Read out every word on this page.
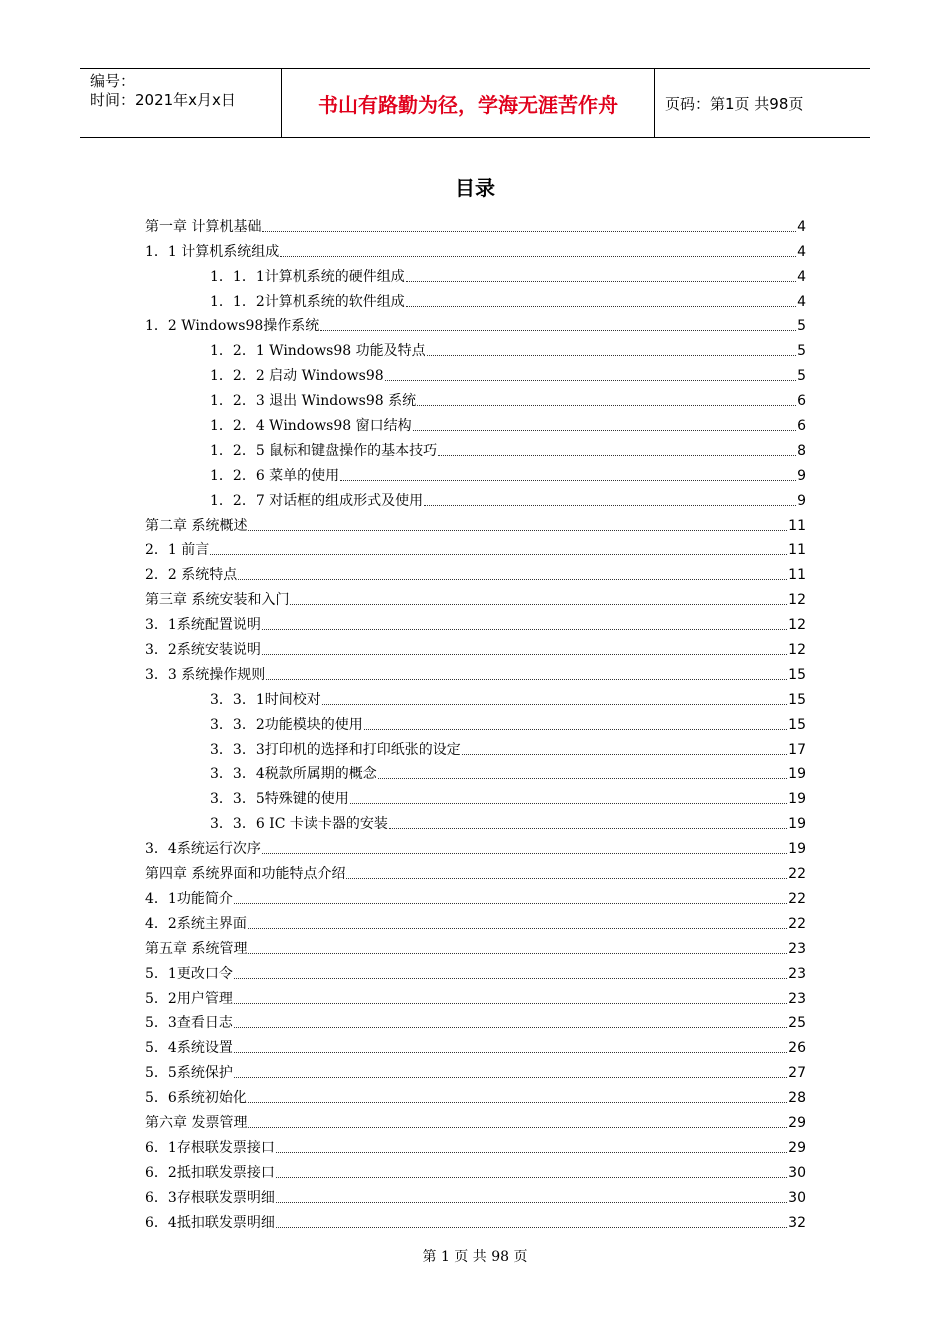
编号：
时间：2021年x月x日	书山有路勤为径，学海无涯苦作舟	页码：第1页 共98页
目录
第一章 计算机基础	4
1．1 计算机系统组成	4
1．1．1计算机系统的硬件组成	4
1．1．2计算机系统的软件组成	4
1．2 Windows98操作系统	5
1．2．1 Windows98 功能及特点	5
1．2．2 启动 Windows98	5
1．2．3 退出 Windows98 系统	6
1．2．4 Windows98 窗口结构	6
1．2．5 鼠标和键盘操作的基本技巧	8
1．2．6 菜单的使用	9
1．2．7 对话框的组成形式及使用	9
第二章 系统概述	11
2．1 前言	11
2．2 系统特点	11
第三章 系统安装和入门	12
3．1系统配置说明	12
3．2系统安装说明	12
3．3 系统操作规则	15
3．3．1时间校对	15
3．3．2功能模块的使用	15
3．3．3打印机的选择和打印纸张的设定	17
3．3．4税款所属期的概念	19
3．3．5特殊键的使用	19
3．3．6 IC 卡读卡器的安装	19
3．4系统运行次序	19
第四章 系统界面和功能特点介绍	22
4．1功能简介	22
4．2系统主界面	22
第五章 系统管理	23
5．1更改口令	23
5．2用户管理	23
5．3查看日志	25
5．4系统设置	26
5．5系统保护	27
5．6系统初始化	28
第六章 发票管理	29
6．1存根联发票接口	29
6．2抵扣联发票接口	30
6．3存根联发票明细	30
6．4抵扣联发票明细	32
第 1 页 共 98 页
